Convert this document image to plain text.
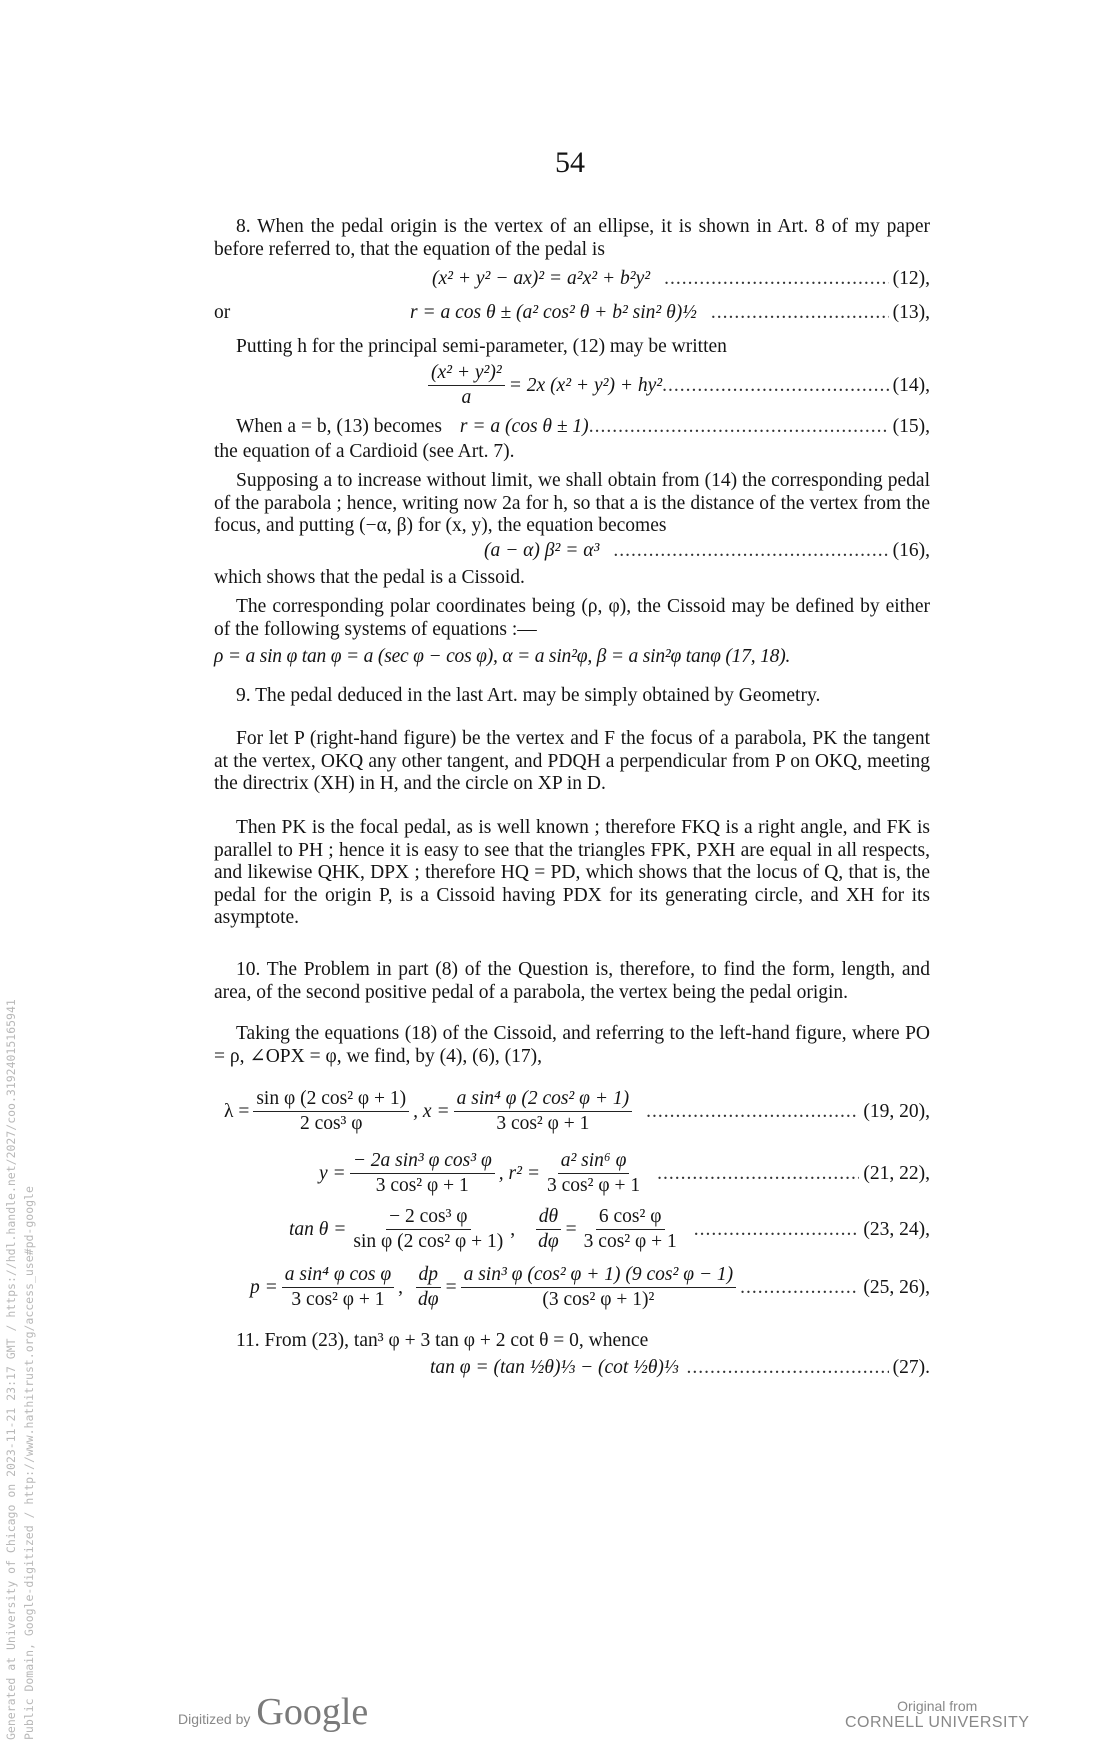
54
8. When the pedal origin is the vertex of an ellipse, it is shown in Art. 8 of my paper before referred to, that the equation of the pedal is
(x² + y² − ax)² = a²x² + b²y² .....	(12),
or	r = a cos θ ± (a² cos² θ + b² sin² θ)½ .....	(13),
Putting h for the principal semi-parameter, (12) may be written
$\frac{\text{(x² + y²)²}}{a} = 2x$ (x² + y²) + hy² .....	(14),
When a = b, (13) becomes r = a (cos θ ± 1) .....	(15),
the equation of a Cardioid (see Art. 7).
Supposing a to increase without limit, we shall obtain from (14) the corresponding pedal of the parabola ; hence, writing now 2a for h, so that a is the distance of the vertex from the focus, and putting (−α, β) for (x, y), the equation becomes
(a − α) β² = α³ .....	(16),
which shows that the pedal is a Cissoid.
The corresponding polar coordinates being (ρ, φ), the Cissoid may be defined by either of the following systems of equations :—
ρ = a sin φ tan φ = a (sec φ − cos φ), α = a sin²φ, β = a sin²φ tanφ (17, 18).
9. The pedal deduced in the last Art. may be simply obtained by Geometry.
For let P (right-hand figure) be the vertex and F the focus of a parabola, PK the tangent at the vertex, OKQ any other tangent, and PDQH a perpendicular from P on OKQ, meeting the directrix (XH) in H, and the circle on XP in D.
Then PK is the focal pedal, as is well known ; therefore FKQ is a right angle, and FK is parallel to PH ; hence it is easy to see that the triangles FPK, PXH are equal in all respects, and likewise QHK, DPX ; therefore HQ = PD, which shows that the locus of Q, that is, the pedal for the origin P, is a Cissoid having PDX for its generating circle, and XH for its asymptote.
10. The Problem in part (8) of the Question is, therefore, to find the form, length, and area, of the second positive pedal of a parabola, the vertex being the pedal origin.
Taking the equations (18) of the Cissoid, and referring to the left-hand figure, where PO = ρ, ∠OPX = φ, we find, by (4), (6), (17),
$\lambda = \frac{\text{sin φ (2 cos² φ + 1)}}{\text{2 cos³ φ}}$ , $x = \frac{\text{a sin⁴ φ (2 cos² φ + 1)}}{\text{3 cos² φ + 1}}$ .....	(19, 20),
$y = \frac{\text{− 2a sin³ φ cos³ φ}}{\text{3 cos² φ + 1}}$ , $r^2 = \frac{\text{a² sin⁶ φ}}{\text{3 cos² φ + 1}}$ .....	(21, 22),
$\tan \theta = \frac{\text{− 2 cos³ φ}}{\text{sin φ (2 cos² φ + 1)}}$ , $\frac{d\theta}{d\varphi} = \frac{\text{6 cos² φ}}{\text{3 cos² φ + 1}}$ .....	(23, 24),
$p = \frac{\text{a sin⁴ φ cos φ}}{\text{3 cos² φ + 1}}$ , $\frac{dp}{d\varphi} = \frac{\text{a sin³ φ (cos² φ + 1) (9 cos² φ − 1)}}{\text{(3 cos² φ + 1)²}}$ .....	(25, 26),
11. From (23), tan³ φ + 3 tan φ + 2 cot θ = 0, whence
tan φ = (tan ½θ)⅓ − (cot ½θ)⅓ .....	(27).
Generated at University of Chicago on 2023-11-21 23:17 GMT / https://hdl.handle.net/2027/coo.31924015165941 Public Domain, Google-digitized / http://www.hathitrust.org/access_use#pd-google	Digitized by Google	Original from
CORNELL UNIVERSITY
